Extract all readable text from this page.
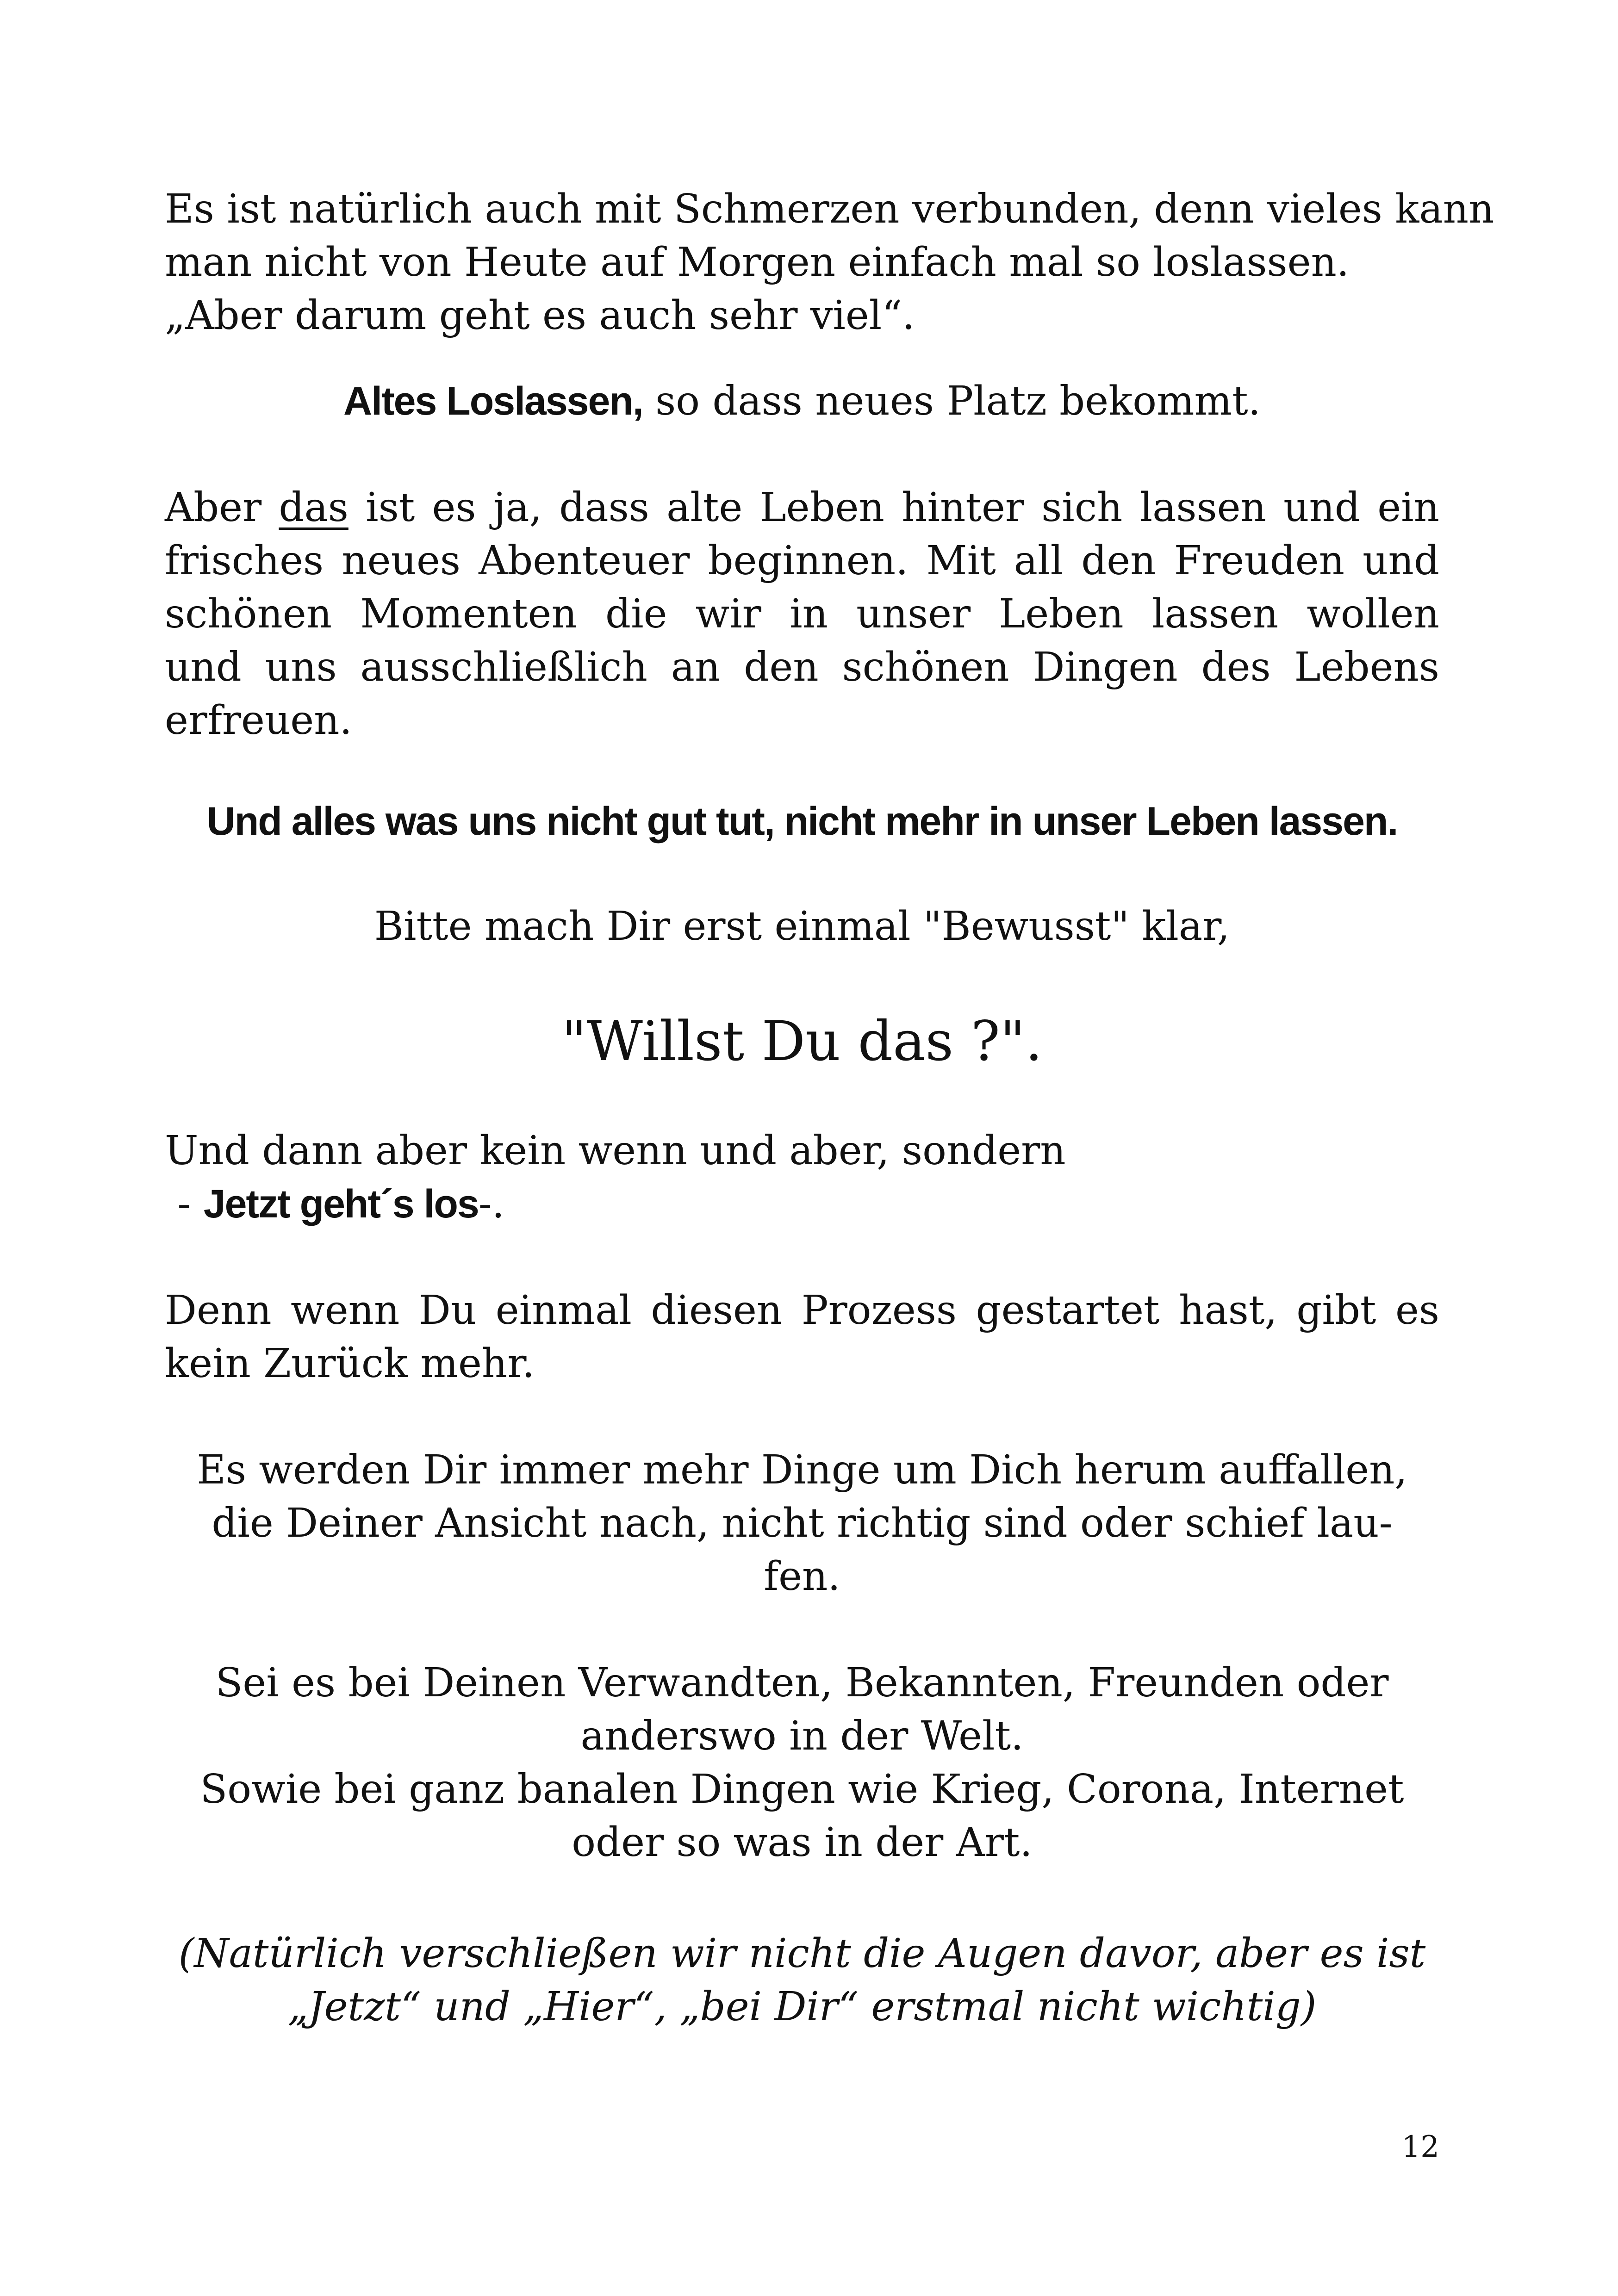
Es ist natürlich auch mit Schmerzen verbunden, denn vieles kann
man nicht von Heute auf Morgen einfach mal so loslassen.
„Aber darum geht es auch sehr viel“.

Altes Loslassen, so dass neues Platz bekommt.

Aber das ist es ja, dass alte Leben hinter sich lassen und ein
frisches neues Abenteuer beginnen. Mit all den Freuden und
schönen Momenten die wir in unser Leben lassen wollen
und uns ausschließlich an den schönen Dingen des Lebens
erfreuen.

Und alles was uns nicht gut tut, nicht mehr in unser Leben lassen.

Bitte mach Dir erst einmal "Bewusst" klar,

"Willst Du das ?".

Und dann aber kein wenn und aber, sondern
- Jetzt geht´s los-.

Denn wenn Du einmal diesen Prozess gestartet hast, gibt es
kein Zurück mehr.

Es werden Dir immer mehr Dinge um Dich herum auffallen,
die Deiner Ansicht nach, nicht richtig sind oder schief lau-
fen.

Sei es bei Deinen Verwandten, Bekannten, Freunden oder
anderswo in der Welt.
Sowie bei ganz banalen Dingen wie Krieg, Corona, Internet
oder so was in der Art.

(Natürlich verschließen wir nicht die Augen davor, aber es ist
„Jetzt“ und „Hier“, „bei Dir“ erstmal nicht wichtig)

12
